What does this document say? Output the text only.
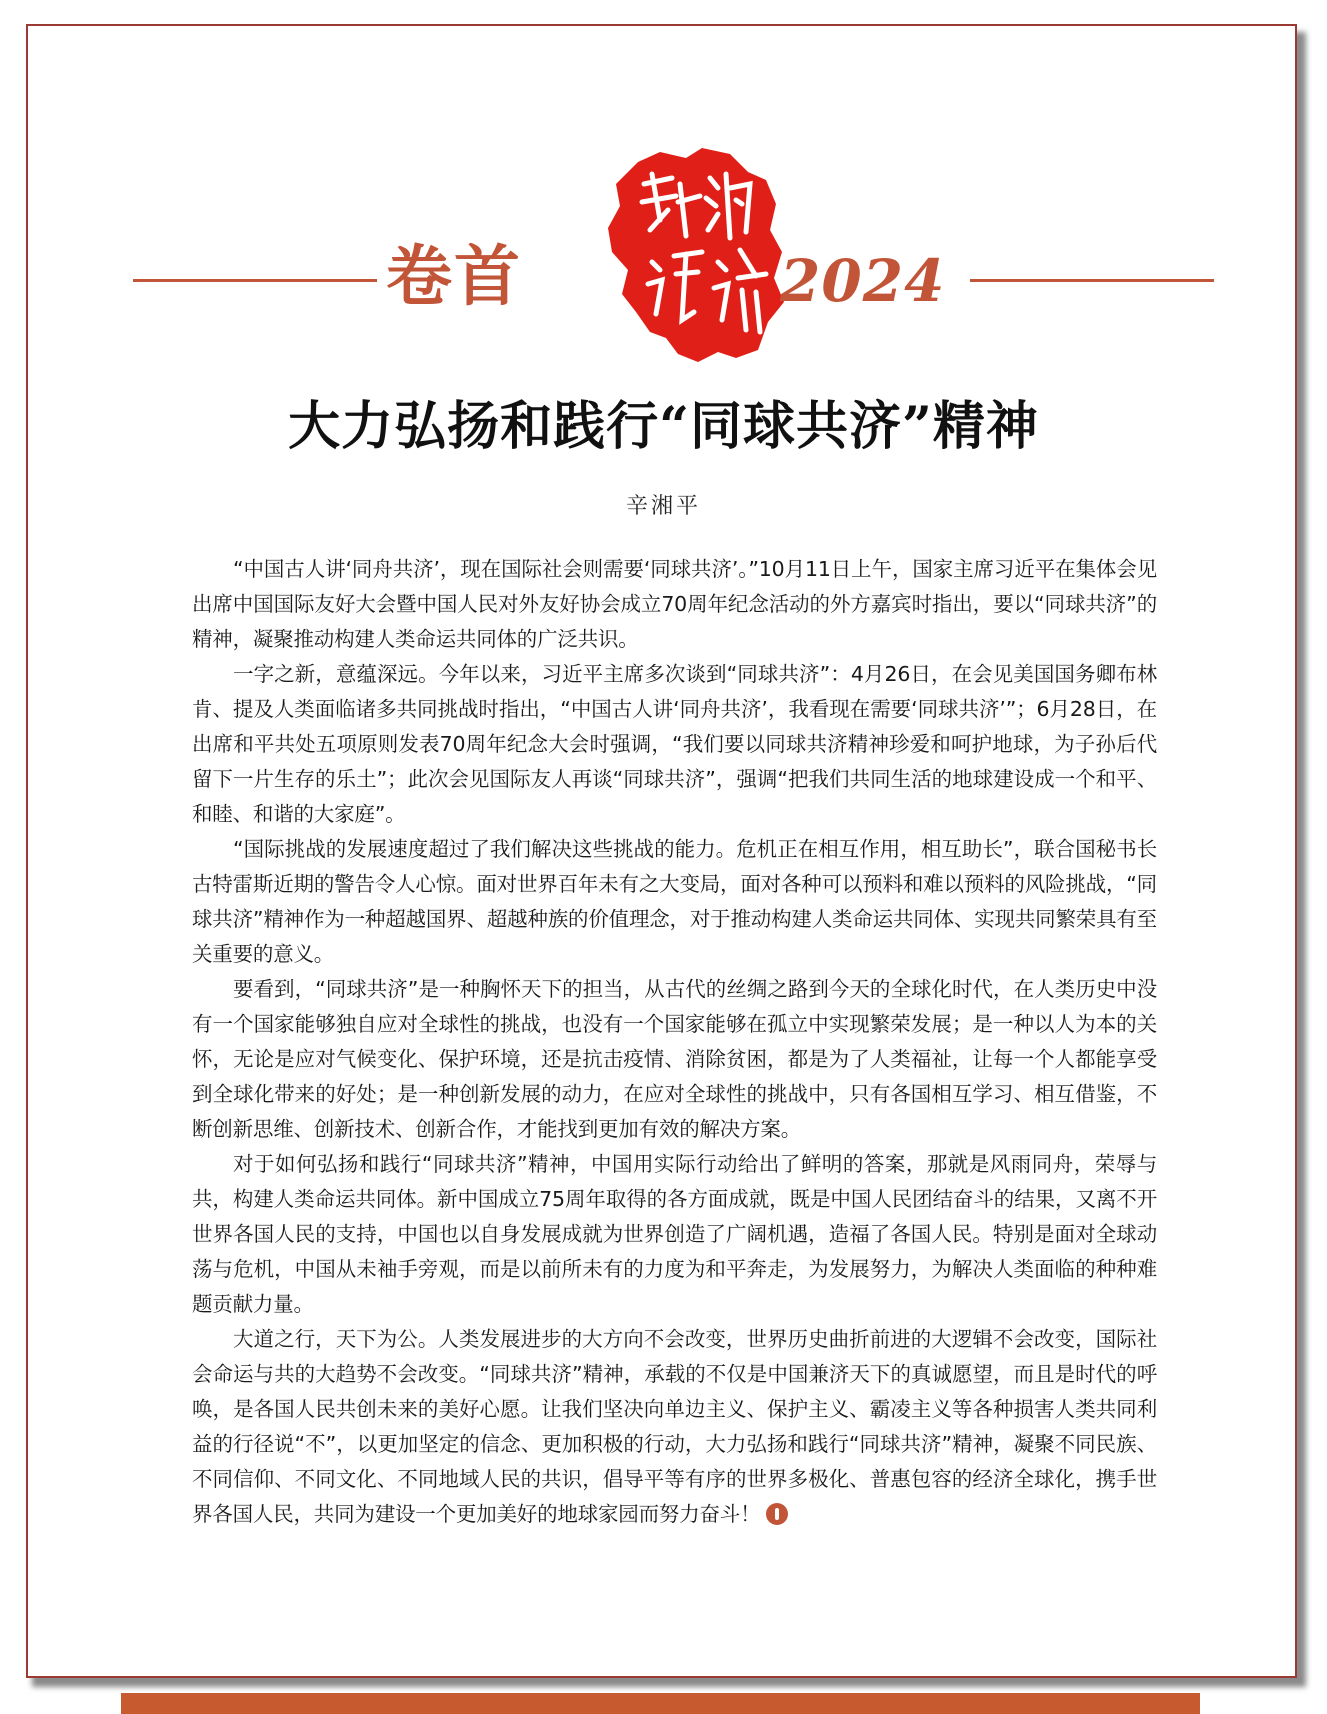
卷首	2024
大力弘扬和践行“同球共济”精神
辛湘平

“中国古人讲‘同舟共济’，现在国际社会则需要‘同球共济’。”10月11日上午，国家主席习近平在集体会见出席中国国际友好大会暨中国人民对外友好协会成立70周年纪念活动的外方嘉宾时指出，要以“同球共济”的精神，凝聚推动构建人类命运共同体的广泛共识。

一字之新，意蕴深远。今年以来，习近平主席多次谈到“同球共济”：4月26日，在会见美国国务卿布林肯、提及人类面临诸多共同挑战时指出，“中国古人讲‘同舟共济’，我看现在需要‘同球共济’”；6月28日，在出席和平共处五项原则发表70周年纪念大会时强调，“我们要以同球共济精神珍爱和呵护地球，为子孙后代留下一片生存的乐土”；此次会见国际友人再谈“同球共济”，强调“把我们共同生活的地球建设成一个和平、和睦、和谐的大家庭”。

“国际挑战的发展速度超过了我们解决这些挑战的能力。危机正在相互作用，相互助长”，联合国秘书长古特雷斯近期的警告令人心惊。面对世界百年未有之大变局，面对各种可以预料和难以预料的风险挑战，“同球共济”精神作为一种超越国界、超越种族的价值理念，对于推动构建人类命运共同体、实现共同繁荣具有至关重要的意义。

要看到，“同球共济”是一种胸怀天下的担当，从古代的丝绸之路到今天的全球化时代，在人类历史中没有一个国家能够独自应对全球性的挑战，也没有一个国家能够在孤立中实现繁荣发展；是一种以人为本的关怀，无论是应对气候变化、保护环境，还是抗击疫情、消除贫困，都是为了人类福祉，让每一个人都能享受到全球化带来的好处；是一种创新发展的动力，在应对全球性的挑战中，只有各国相互学习、相互借鉴，不断创新思维、创新技术、创新合作，才能找到更加有效的解决方案。

对于如何弘扬和践行“同球共济”精神，中国用实际行动给出了鲜明的答案，那就是风雨同舟，荣辱与共，构建人类命运共同体。新中国成立75周年取得的各方面成就，既是中国人民团结奋斗的结果，又离不开世界各国人民的支持，中国也以自身发展成就为世界创造了广阔机遇，造福了各国人民。特别是面对全球动荡与危机，中国从未袖手旁观，而是以前所未有的力度为和平奔走，为发展努力，为解决人类面临的种种难题贡献力量。

大道之行，天下为公。人类发展进步的大方向不会改变，世界历史曲折前进的大逻辑不会改变，国际社会命运与共的大趋势不会改变。“同球共济”精神，承载的不仅是中国兼济天下的真诚愿望，而且是时代的呼唤，是各国人民共创未来的美好心愿。让我们坚决向单边主义、保护主义、霸凌主义等各种损害人类共同利益的行径说“不”，以更加坚定的信念、更加积极的行动，大力弘扬和践行“同球共济”精神，凝聚不同民族、不同信仰、不同文化、不同地域人民的共识，倡导平等有序的世界多极化、普惠包容的经济全球化，携手世界各国人民，共同为建设一个更加美好的地球家园而努力奋斗！
